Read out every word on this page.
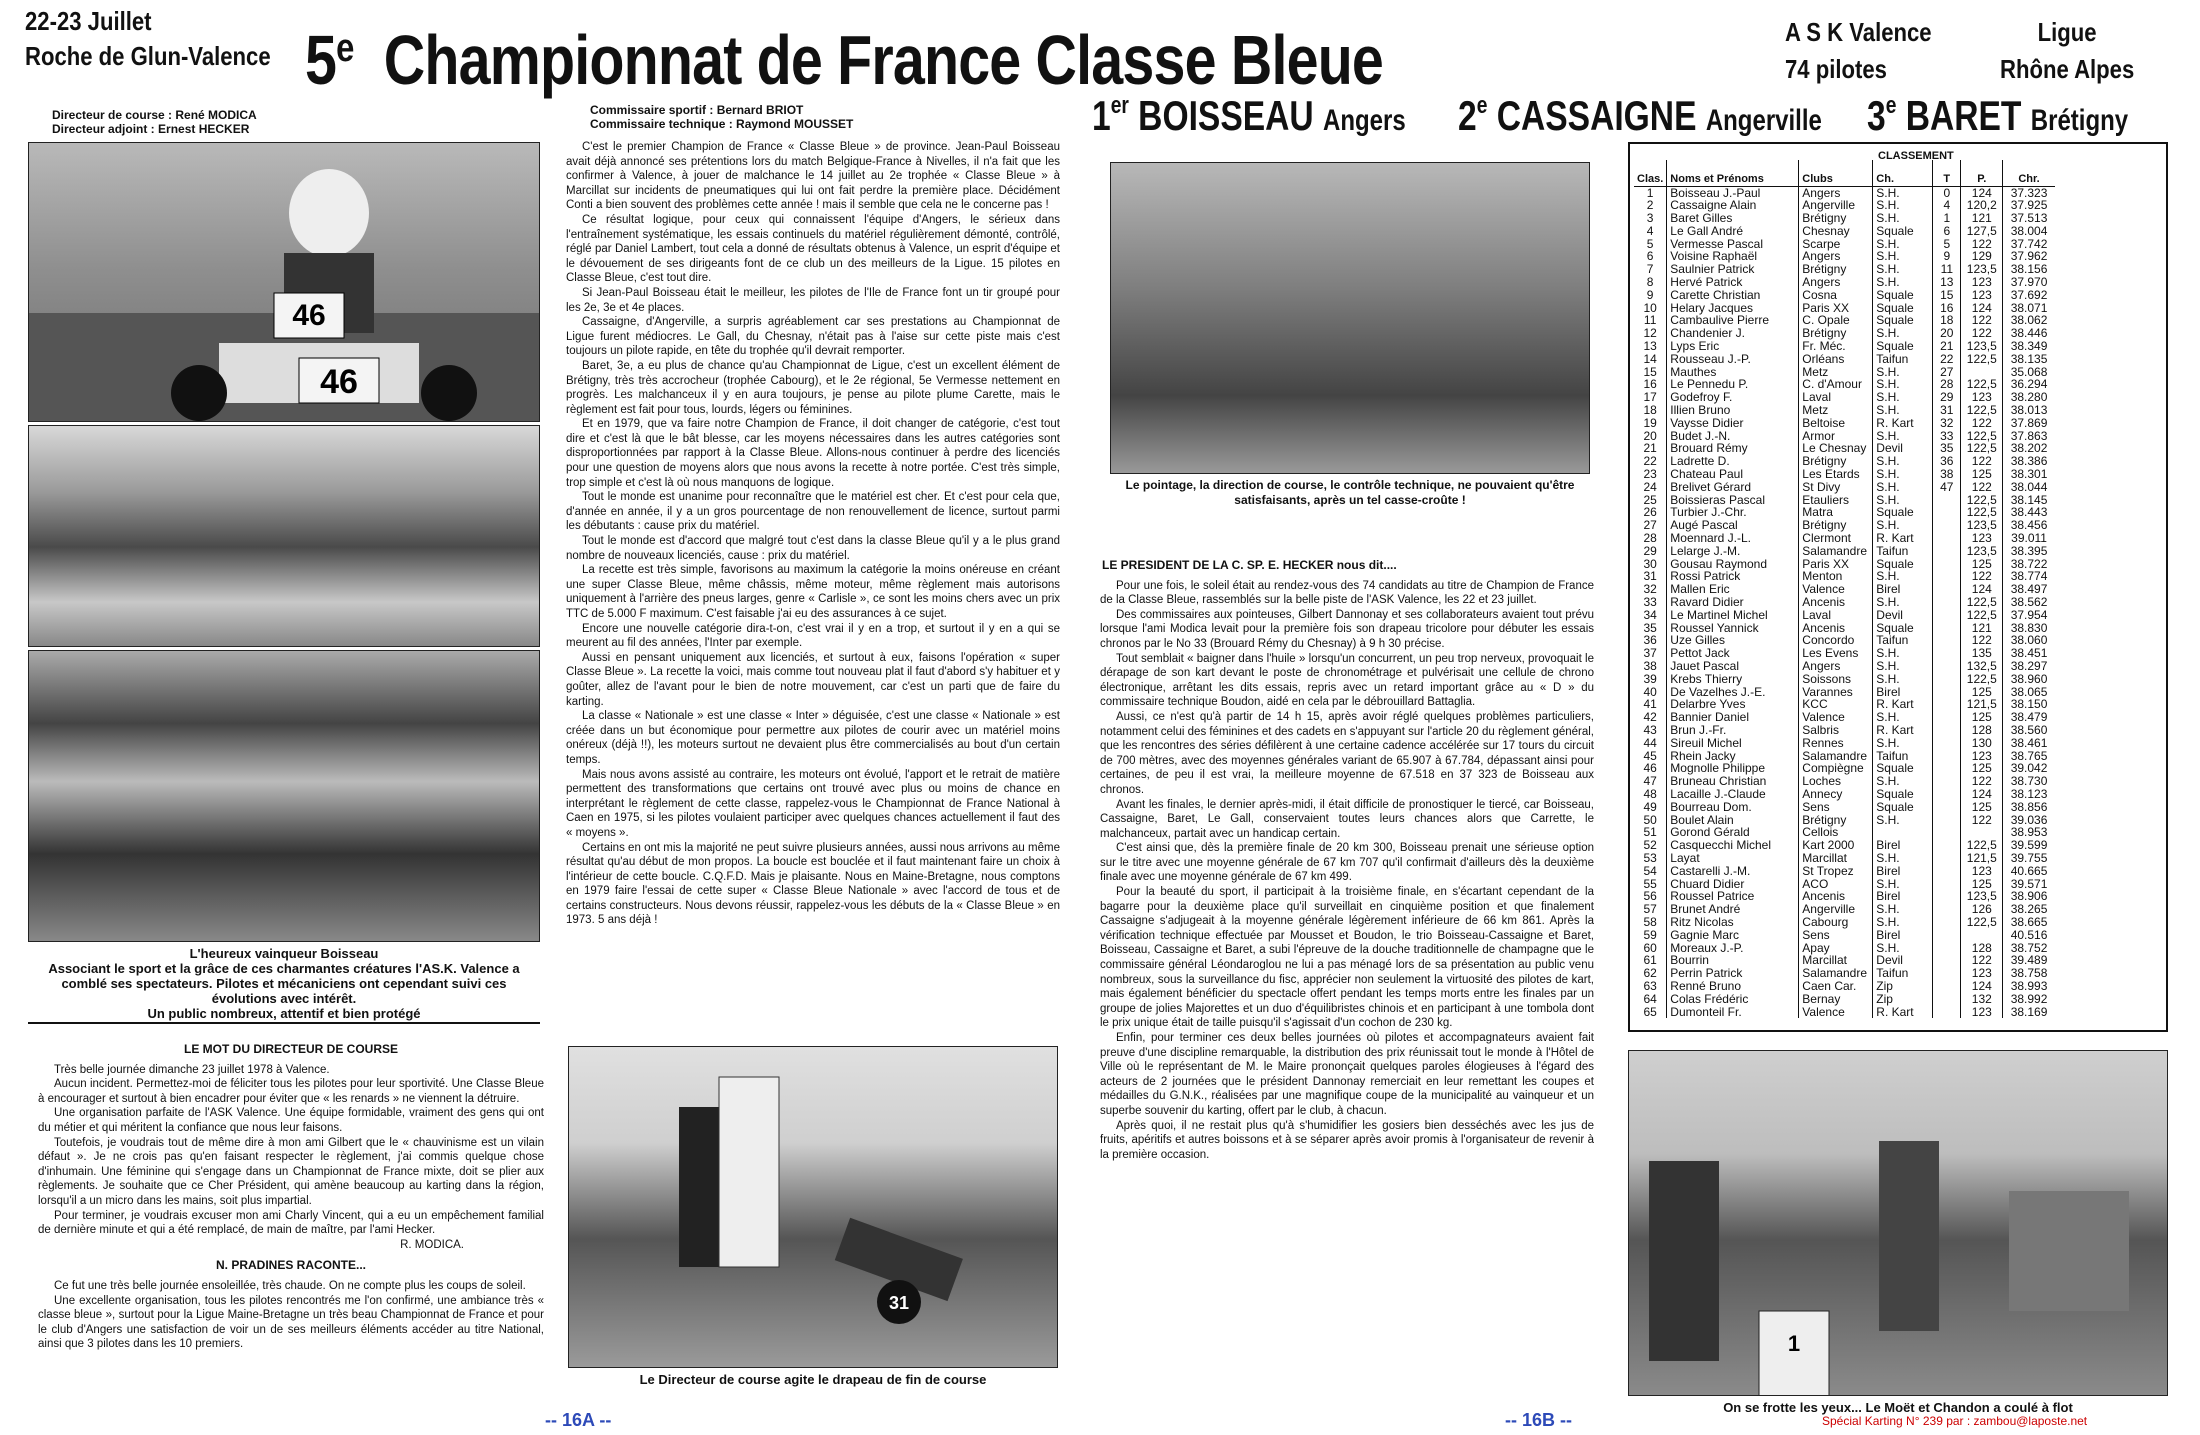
22-23 Juillet
Roche de Glun-Valence 5e Championnat de France Classe Bleue	A S K Valence
74 pilotes
Ligue
Rhône Alpes
1er BOISSEAU Angers 2e CASSAIGNE Angerville 3e BARET Brétigny
Directeur de course : René MODICA
Directeur adjoint : Ernest HECKER
Commissaire sportif : Bernard BRIOT
Commissaire technique : Raymond MOUSSET
46
46
L'heureux vainqueur Boisseau
Associant le sport et la grâce de ces charmantes créatures l'AS.K. Valence a comblé ses spectateurs. Pilotes et mécaniciens ont cependant suivi ces évolutions avec intérêt.
Un public nombreux, attentif et bien protégé
LE MOT DU DIRECTEUR DE COURSE

Très belle journée dimanche 23 juillet 1978 à Valence.

Aucun incident. Permettez-moi de féliciter tous les pilotes pour leur sportivité. Une Classe Bleue à encourager et surtout à bien encadrer pour éviter que « les renards » ne viennent la détruire.

Une organisation parfaite de l'ASK Valence. Une équipe formidable, vraiment des gens qui ont du métier et qui méritent la confiance que nous leur faisons.

Toutefois, je voudrais tout de même dire à mon ami Gilbert que le « chauvinisme est un vilain défaut ». Je ne crois pas qu'en faisant respecter le règlement, j'ai commis quelque chose d'inhumain. Une féminine qui s'engage dans un Championnat de France mixte, doit se plier aux règlements. Je souhaite que ce Cher Président, qui amène beaucoup au karting dans la région, lorsqu'il a un micro dans les mains, soit plus impartial.

Pour terminer, je voudrais excuser mon ami Charly Vincent, qui a eu un empêchement familial de dernière minute et qui a été remplacé, de main de maître, par l'ami Hecker.

R. MODICA.
N. PRADINES RACONTE...

Ce fut une très belle journée ensoleillée, très chaude. On ne compte plus les coups de soleil.

Une excellente organisation, tous les pilotes rencontrés me l'on confirmé, une ambiance très « classe bleue », surtout pour la Ligue Maine-Bretagne un très beau Championnat de France et pour le club d'Angers une satisfaction de voir un de ses meilleurs éléments accéder au titre National, ainsi que 3 pilotes dans les 10 premiers.

C'est le premier Champion de France « Classe Bleue » de province. Jean-Paul Boisseau avait déjà annoncé ses prétentions lors du match Belgique-France à Nivelles, il n'a fait que les confirmer à Valence, à jouer de malchance le 14 juillet au 2e trophée « Classe Bleue » à Marcillat sur incidents de pneumatiques qui lui ont fait perdre la première place. Décidément Conti a bien souvent des problèmes cette année ! mais il semble que cela ne le concerne pas !

Ce résultat logique, pour ceux qui connaissent l'équipe d'Angers, le sérieux dans l'entraînement systématique, les essais continuels du matériel régulièrement démonté, contrôlé, réglé par Daniel Lambert, tout cela a donné de résultats obtenus à Valence, un esprit d'équipe et le dévouement de ses dirigeants font de ce club un des meilleurs de la Ligue. 15 pilotes en Classe Bleue, c'est tout dire.

Si Jean-Paul Boisseau était le meilleur, les pilotes de l'Ile de France font un tir groupé pour les 2e, 3e et 4e places.

Cassaigne, d'Angerville, a surpris agréablement car ses prestations au Championnat de Ligue furent médiocres. Le Gall, du Chesnay, n'était pas à l'aise sur cette piste mais c'est toujours un pilote rapide, en tête du trophée qu'il devrait remporter.

Baret, 3e, a eu plus de chance qu'au Championnat de Ligue, c'est un excellent élément de Brétigny, très très accrocheur (trophée Cabourg), et le 2e régional, 5e Vermesse nettement en progrès. Les malchanceux il y en aura toujours, je pense au pilote plume Carette, mais le règlement est fait pour tous, lourds, légers ou féminines.

Et en 1979, que va faire notre Champion de France, il doit changer de catégorie, c'est tout dire et c'est là que le bât blesse, car les moyens nécessaires dans les autres catégories sont disproportionnées par rapport à la Classe Bleue. Allons-nous continuer à perdre des licenciés pour une question de moyens alors que nous avons la recette à notre portée. C'est très simple, trop simple et c'est là où nous manquons de logique.

Tout le monde est unanime pour reconnaître que le matériel est cher. Et c'est pour cela que, d'année en année, il y a un gros pourcentage de non renouvellement de licence, surtout parmi les débutants : cause prix du matériel.

Tout le monde est d'accord que malgré tout c'est dans la classe Bleue qu'il y a le plus grand nombre de nouveaux licenciés, cause : prix du matériel.

La recette est très simple, favorisons au maximum la catégorie la moins onéreuse en créant une super Classe Bleue, même châssis, même moteur, même règlement mais autorisons uniquement à l'arrière des pneus larges, genre « Carlisle », ce sont les moins chers avec un prix TTC de 5.000 F maximum. C'est faisable j'ai eu des assurances à ce sujet.

Encore une nouvelle catégorie dira-t-on, c'est vrai il y en a trop, et surtout il y en a qui se meurent au fil des années, l'Inter par exemple.

Aussi en pensant uniquement aux licenciés, et surtout à eux, faisons l'opération « super Classe Bleue ». La recette la voici, mais comme tout nouveau plat il faut d'abord s'y habituer et y goûter, allez de l'avant pour le bien de notre mouvement, car c'est un parti que de faire du karting.

La classe « Nationale » est une classe « Inter » déguisée, c'est une classe « Nationale » est créée dans un but économique pour permettre aux pilotes de courir avec un matériel moins onéreux (déjà !!), les moteurs surtout ne devaient plus être commercialisés au bout d'un certain temps.

Mais nous avons assisté au contraire, les moteurs ont évolué, l'apport et le retrait de matière permettent des transformations que certains ont trouvé avec plus ou moins de chance en interprétant le règlement de cette classe, rappelez-vous le Championnat de France National à Caen en 1975, si les pilotes voulaient participer avec quelques chances actuellement il faut des « moyens ».

Certains en ont mis la majorité ne peut suivre plusieurs années, aussi nous arrivons au même résultat qu'au début de mon propos. La boucle est bouclée et il faut maintenant faire un choix à l'intérieur de cette boucle. C.Q.F.D. Mais je plaisante. Nous en Maine-Bretagne, nous comptons en 1979 faire l'essai de cette super « Classe Bleue Nationale » avec l'accord de tous et de certains constructeurs. Nous devons réussir, rappelez-vous les débuts de la « Classe Bleue » en 1973. 5 ans déjà !

31
Le Directeur de course agite le drapeau de fin de course
Le pointage, la direction de course, le contrôle technique, ne pouvaient qu'être satisfaisants, après un tel casse-croûte !
LE PRESIDENT DE LA C. SP. E. HECKER nous dit....

Pour une fois, le soleil était au rendez-vous des 74 candidats au titre de Champion de France de la Classe Bleue, rassemblés sur la belle piste de l'ASK Valence, les 22 et 23 juillet.

Des commissaires aux pointeuses, Gilbert Dannonay et ses collaborateurs avaient tout prévu lorsque l'ami Modica levait pour la première fois son drapeau tricolore pour débuter les essais chronos par le No 33 (Brouard Rémy du Chesnay) à 9 h 30 précise.

Tout semblait « baigner dans l'huile » lorsqu'un concurrent, un peu trop nerveux, provoquait le dérapage de son kart devant le poste de chronométrage et pulvérisait une cellule de chrono électronique, arrêtant les dits essais, repris avec un retard important grâce au « D » du commissaire technique Boudon, aidé en cela par le débrouillard Battaglia.

Aussi, ce n'est qu'à partir de 14 h 15, après avoir réglé quelques problèmes particuliers, notamment celui des féminines et des cadets en s'appuyant sur l'article 20 du règlement général, que les rencontres des séries défilèrent à une certaine cadence accélérée sur 17 tours du circuit de 700 mètres, avec des moyennes générales variant de 65.907 à 67.784, dépassant ainsi pour certaines, de peu il est vrai, la meilleure moyenne de 67.518 en 37 323 de Boisseau aux chronos.

Avant les finales, le dernier après-midi, il était difficile de pronostiquer le tiercé, car Boisseau, Cassaigne, Baret, Le Gall, conservaient toutes leurs chances alors que Carrette, le malchanceux, partait avec un handicap certain.

C'est ainsi que, dès la première finale de 20 km 300, Boisseau prenait une sérieuse option sur le titre avec une moyenne générale de 67 km 707 qu'il confirmait d'ailleurs dès la deuxième finale avec une moyenne générale de 67 km 499.

Pour la beauté du sport, il participait à la troisième finale, en s'écartant cependant de la bagarre pour la deuxième place qu'il surveillait en cinquième position et que finalement Cassaigne s'adjugeait à la moyenne générale légèrement inférieure de 66 km 861. Après la vérification technique effectuée par Mousset et Boudon, le trio Boisseau-Cassaigne et Baret, Boisseau, Cassaigne et Baret, a subi l'épreuve de la douche traditionnelle de champagne que le commissaire général Léondaroglou ne lui a pas ménagé lors de sa présentation au public venu nombreux, sous la surveillance du fisc, apprécier non seulement la virtuosité des pilotes de kart, mais également bénéficier du spectacle offert pendant les temps morts entre les finales par un groupe de jolies Majorettes et un duo d'équilibristes chinois et en participant à une tombola dont le prix unique était de taille puisqu'il s'agissait d'un cochon de 230 kg.

Enfin, pour terminer ces deux belles journées où pilotes et accompagnateurs avaient fait preuve d'une discipline remarquable, la distribution des prix réunissait tout le monde à l'Hôtel de Ville où le représentant de M. le Maire prononçait quelques paroles élogieuses à l'égard des acteurs de 2 journées que le président Dannonay remerciait en leur remettant les coupes et médailles du G.N.K., réalisées par une magnifique coupe de la municipalité au vainqueur et un superbe souvenir du karting, offert par le club, à chacun.

Après quoi, il ne restait plus qu'à s'humidifier les gosiers bien desséchés avec les jus de fruits, apéritifs et autres boissons et à se séparer après avoir promis à l'organisateur de revenir à la première occasion.

CLASSEMENT
Clas.	Noms et Prénoms	Clubs	Ch.	T	P.	Chr.
1	Boisseau J.-Paul	Angers	S.H.	0	124	37.323
2	Cassaigne Alain	Angerville	S.H.	4	120,2	37.925
3	Baret Gilles	Brétigny	S.H.	1	121	37.513
4	Le Gall André	Chesnay	Squale	6	127,5	38.004
5	Vermesse Pascal	Scarpe	S.H.	5	122	37.742
6	Voisine Raphaël	Angers	S.H.	9	129	37.962
7	Saulnier Patrick	Brétigny	S.H.	11	123,5	38.156
8	Hervé Patrick	Angers	S.H.	13	123	37.970
9	Carette Christian	Cosna	Squale	15	123	37.692
10	Helary Jacques	Paris XX	Squale	16	124	38.071
11	Cambaulive Pierre	C. Opale	Squale	18	122	38.062
12	Chandenier J.	Brétigny	S.H.	20	122	38.446
13	Lyps Eric	Fr. Méc.	Squale	21	123,5	38.349
14	Rousseau J.-P.	Orléans	Taifun	22	122,5	38.135
15	Mauthes	Metz	S.H.	27		35.068
16	Le Pennedu P.	C. d'Amour	S.H.	28	122,5	36.294
17	Godefroy F.	Laval	S.H.	29	123	38.280
18	Illien Bruno	Metz	S.H.	31	122,5	38.013
19	Vaysse Didier	Beltoise	R. Kart	32	122	37.869
20	Budet J.-N.	Armor	S.H.	33	122,5	37.863
21	Brouard Rémy	Le Chesnay	Devil	35	122,5	38.202
22	Ladrette D.	Brétigny	S.H.	36	122	38.386
23	Chateau Paul	Les Etards	S.H.	38	125	38.301
24	Brelivet Gérard	St Divy	S.H.	47	122	38.044
25	Boissieras Pascal	Etauliers	S.H.		122,5	38.145
26	Turbier J.-Chr.	Matra	Squale		122,5	38.443
27	Augé Pascal	Brétigny	S.H.		123,5	38.456
28	Moennard J.-L.	Clermont	R. Kart		123	39.011
29	Lelarge J.-M.	Salamandre	Taifun		123,5	38.395
30	Gousau Raymond	Paris XX	Squale		125	38.722
31	Rossi Patrick	Menton	S.H.		122	38.774
32	Mallen Eric	Valence	Birel		124	38.497
33	Ravard Didier	Ancenis	S.H.		122,5	38.562
34	Le Martinel Michel	Laval	Devil		122,5	37.954
35	Roussel Yannick	Ancenis	Squale		121	38.830
36	Uze Gilles	Concordo	Taifun		122	38.060
37	Pettot Jack	Les Evens	S.H.		135	38.451
38	Jauet Pascal	Angers	S.H.		132,5	38.297
39	Krebs Thierry	Soissons	S.H.		122,5	38.960
40	De Vazelhes J.-E.	Varannes	Birel		125	38.065
41	Delarbre Yves	KCC	R. Kart		121,5	38.150
42	Bannier Daniel	Valence	S.H.		125	38.479
43	Brun J.-Fr.	Salbris	R. Kart		128	38.560
44	Sireuil Michel	Rennes	S.H.		130	38.461
45	Rhein Jacky	Salamandre	Taifun		123	38.765
46	Mognolle Philippe	Compiègne	Squale		125	39.042
47	Bruneau Christian	Loches	S.H.		122	38.730
48	Lacaille J.-Claude	Annecy	Squale		124	38.123
49	Bourreau Dom.	Sens	Squale		125	38.856
50	Boulet Alain	Brétigny	S.H.		122	39.036
51	Gorond Gérald	Cellois				38.953
52	Casquecchi Michel	Kart 2000	Birel		122,5	39.599
53	Layat	Marcillat	S.H.		121,5	39.755
54	Castarelli J.-M.	St Tropez	Birel		123	40.665
55	Chuard Didier	ACO	S.H.		125	39.571
56	Roussel Patrice	Ancenis	Birel		123,5	38.906
57	Brunet André	Angerville	S.H.		126	38.265
58	Ritz Nicolas	Cabourg	S.H.		122,5	38.665
59	Gagnie Marc	Sens	Birel			40.516
60	Moreaux J.-P.	Apay	S.H.		128	38.752
61	Bourrin	Marcillat	Devil		122	39.489
62	Perrin Patrick	Salamandre	Taifun		123	38.758
63	Renné Bruno	Caen Car.	Zip		124	38.993
64	Colas Frédéric	Bernay	Zip		132	38.992
65	Dumonteil Fr.	Valence	R. Kart		123	38.169
1
On se frotte les yeux... Le Moët et Chandon a coulé à flot
-- 16A --	-- 16B --	Spécial Karting N° 239 par : zambou@laposte.net
